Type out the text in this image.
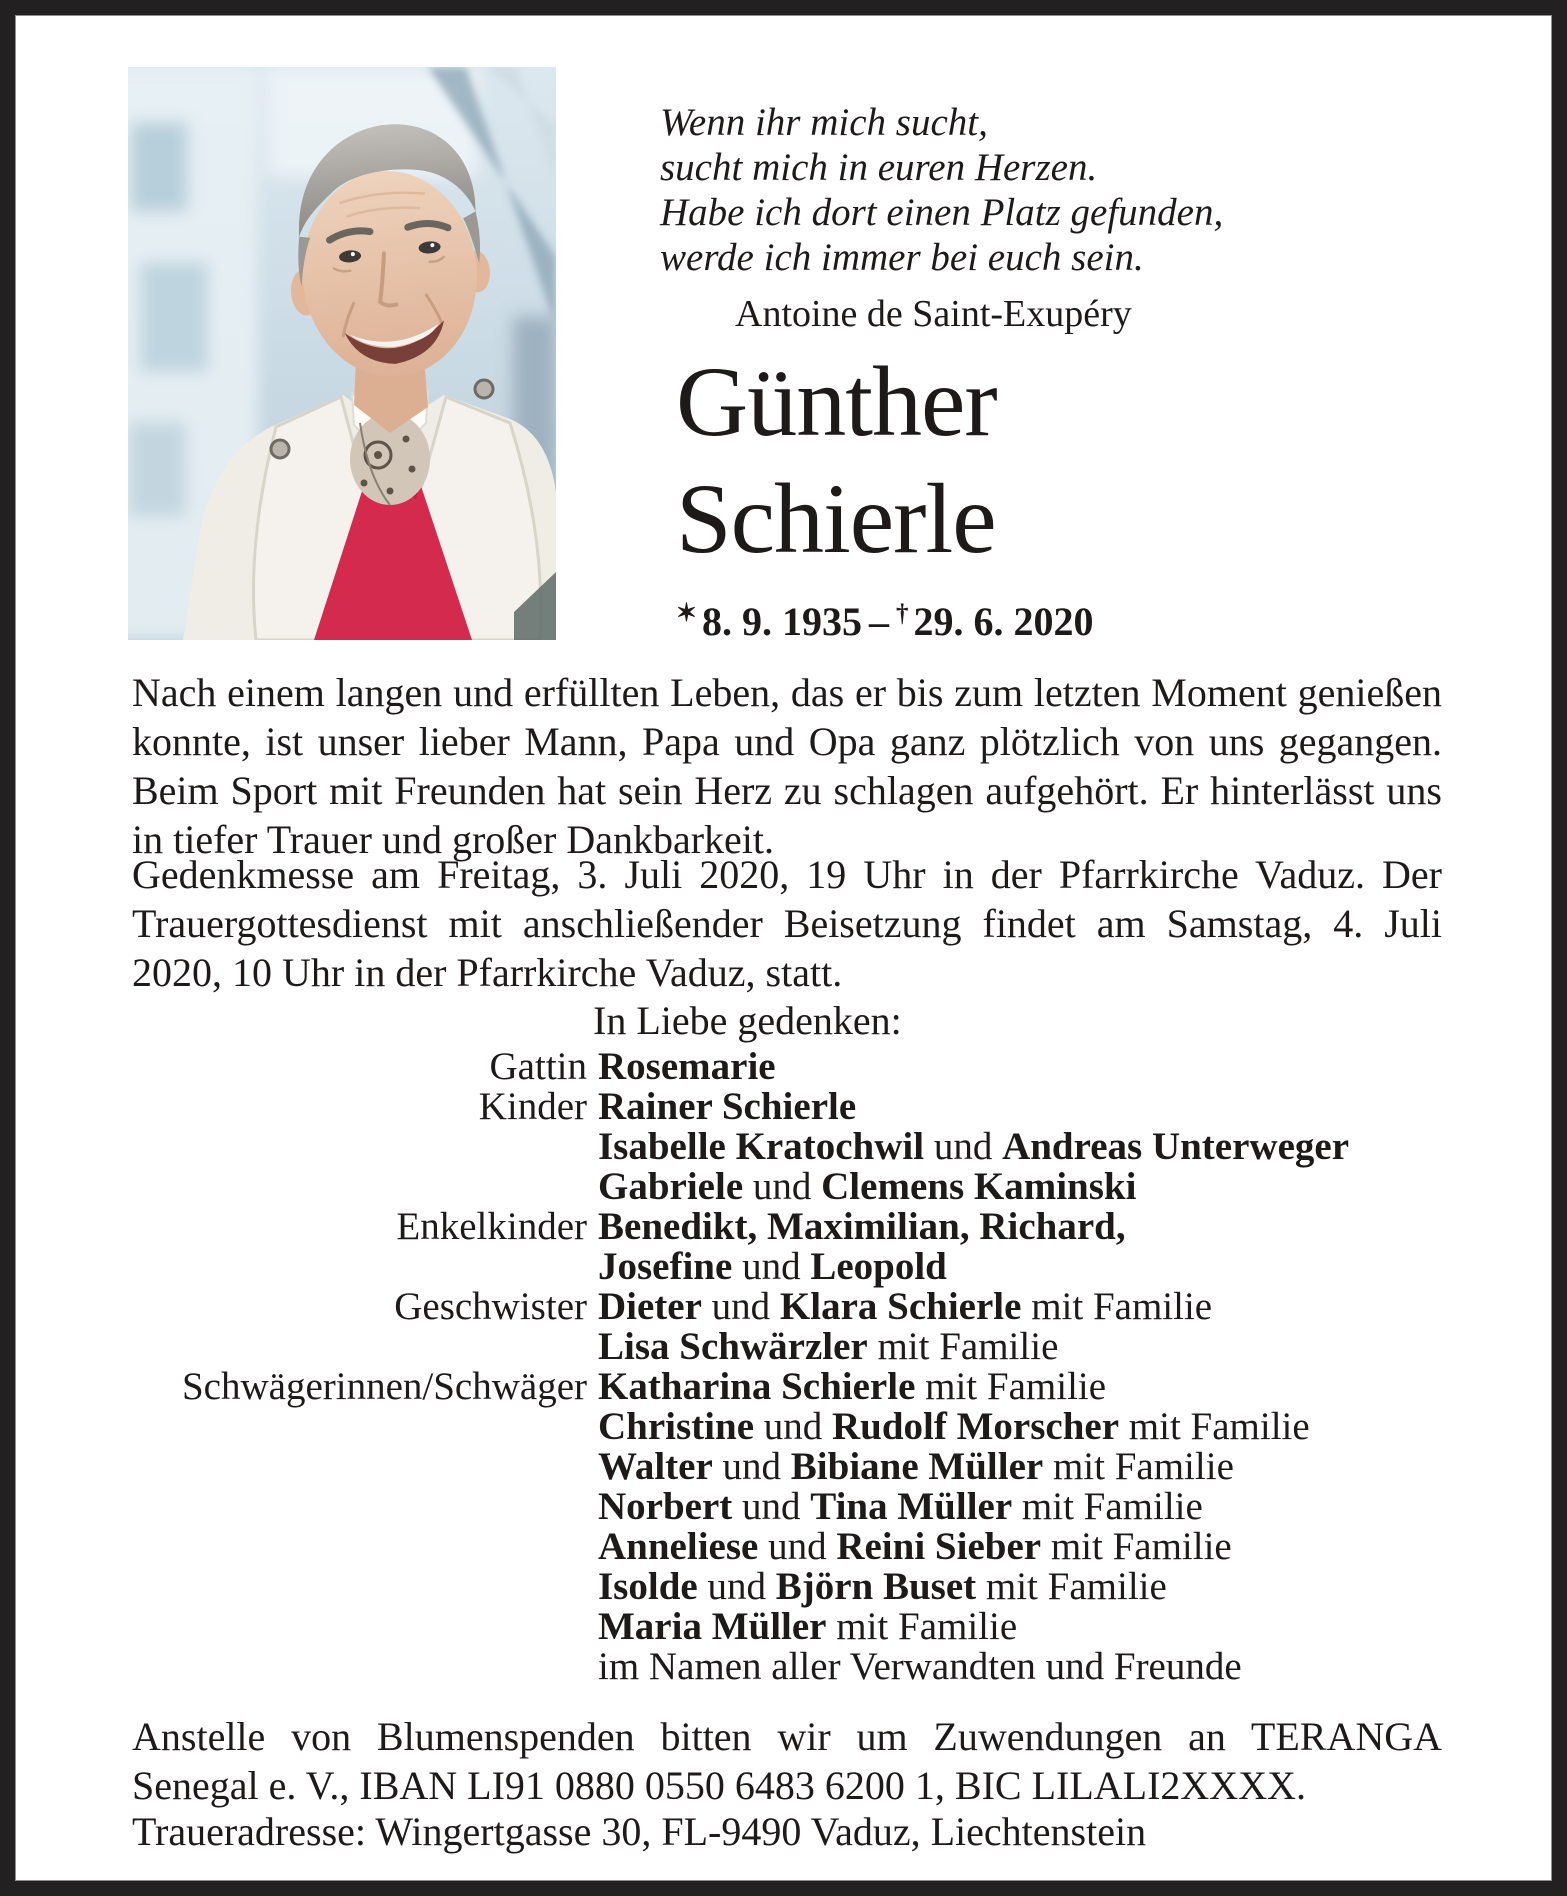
Wenn ihr mich sucht,
sucht mich in euren Herzen.
Habe ich dort einen Platz gefunden,
werde ich immer bei euch sein.
Antoine de Saint-Exupéry
Günther
Schierle
✶ 8. 9. 1935 – † 29. 6. 2020

Nach einem langen und erfüllten Leben, das er bis zum letzten Moment genießen konnte, ist unser lieber Mann, Papa und Opa ganz plötzlich von uns gegangen. Beim Sport mit Freunden hat sein Herz zu schlagen aufgehört. Er hinterlässt uns in tiefer Trauer und großer Dankbarkeit.

Gedenkmesse am Freitag, 3. Juli 2020, 19 Uhr in der Pfarrkirche Vaduz. Der Trauergottesdienst mit anschließender Beisetzung findet am Samstag, 4. Juli 2020, 10 Uhr in der Pfarrkirche Vaduz, statt.

In Liebe gedenken:
Gattin Rosemarie
Kinder Rainer Schierle
Isabelle Kratochwil und Andreas Unterweger
Gabriele und Clemens Kaminski
Enkelkinder Benedikt, Maximilian, Richard,
Josefine und Leopold
Geschwister Dieter und Klara Schierle mit Familie
Lisa Schwärzler mit Familie
Schwägerinnen/Schwäger Katharina Schierle mit Familie
Christine und Rudolf Morscher mit Familie
Walter und Bibiane Müller mit Familie
Norbert und Tina Müller mit Familie
Anneliese und Reini Sieber mit Familie
Isolde und Björn Buset mit Familie
Maria Müller mit Familie
im Namen aller Verwandten und Freunde

Anstelle von Blumenspenden bitten wir um Zuwendungen an TERANGA Senegal e. V., IBAN LI91 0880 0550 6483 6200 1, BIC LILALI2XXXX.

Traueradresse: Wingertgasse 30, FL-9490 Vaduz, Liechtenstein
